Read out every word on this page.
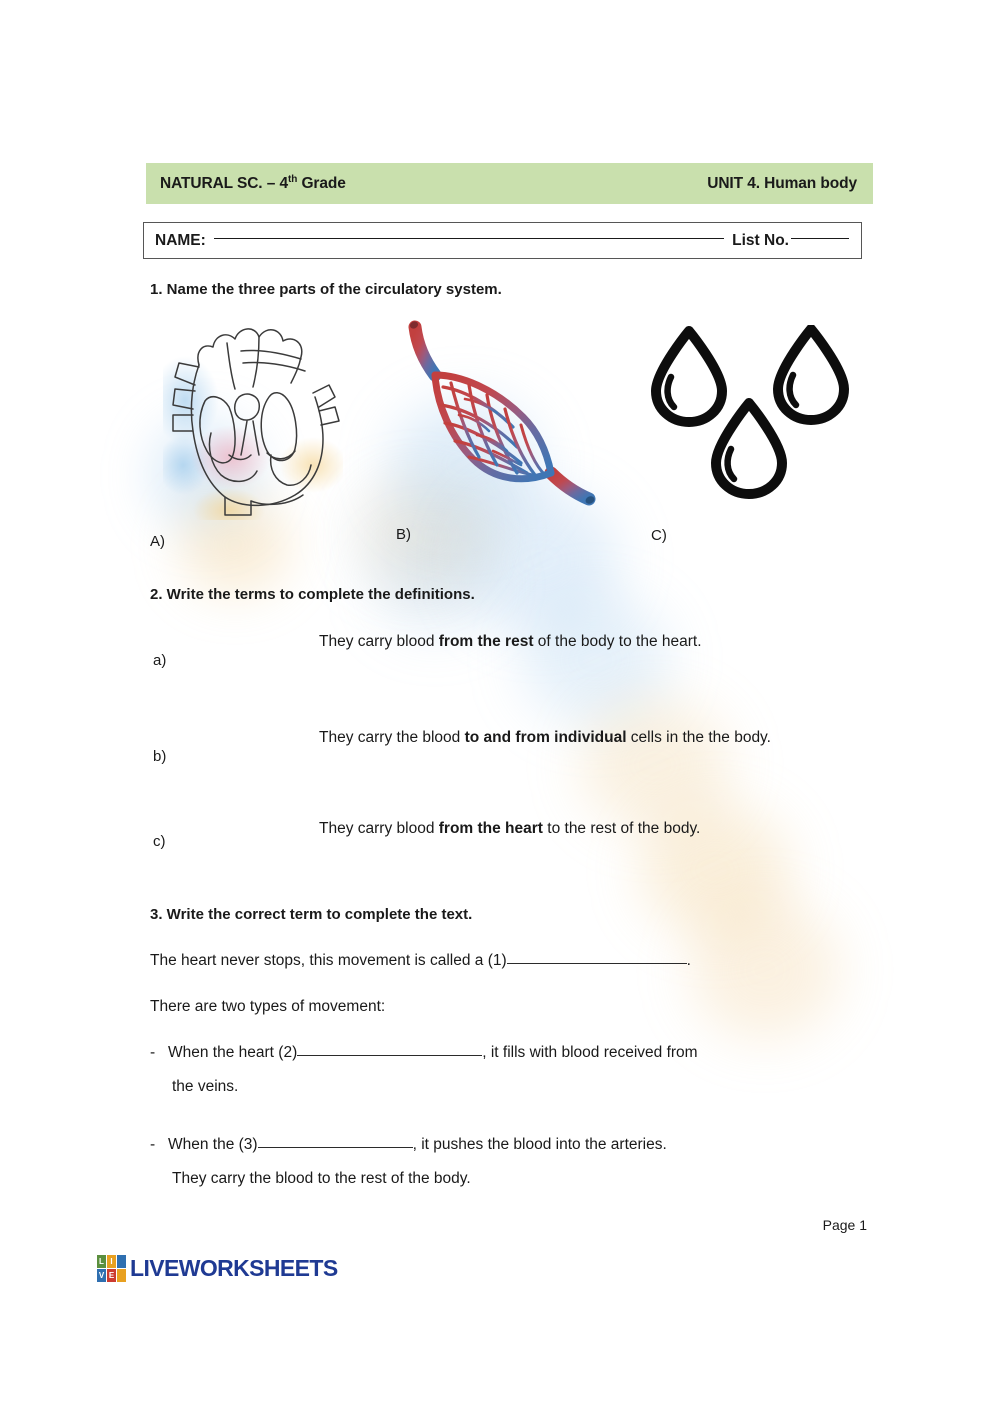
NATURAL SC. – 4th Grade	UNIT 4. Human body
NAME:	List No.
1. Name the three parts of the circulatory system.
A)	B)	C)
2. Write the terms to complete the definitions.
a)
They carry blood from the rest of the body to the heart.
b)
They carry the blood to and from individual cells in the the body.
c)
They carry blood from the heart to the rest of the body.
3. Write the correct term to complete the text.
The heart never stops, this movement is called a (1)	.
There are two types of movement:
- When the heart (2)	, it fills with blood received from
the veins.
- When the (3)	, it pushes the blood into the arteries.
They carry the blood to the rest of the body.
Page 1
L I
V E LIVEWORKSHEETS
